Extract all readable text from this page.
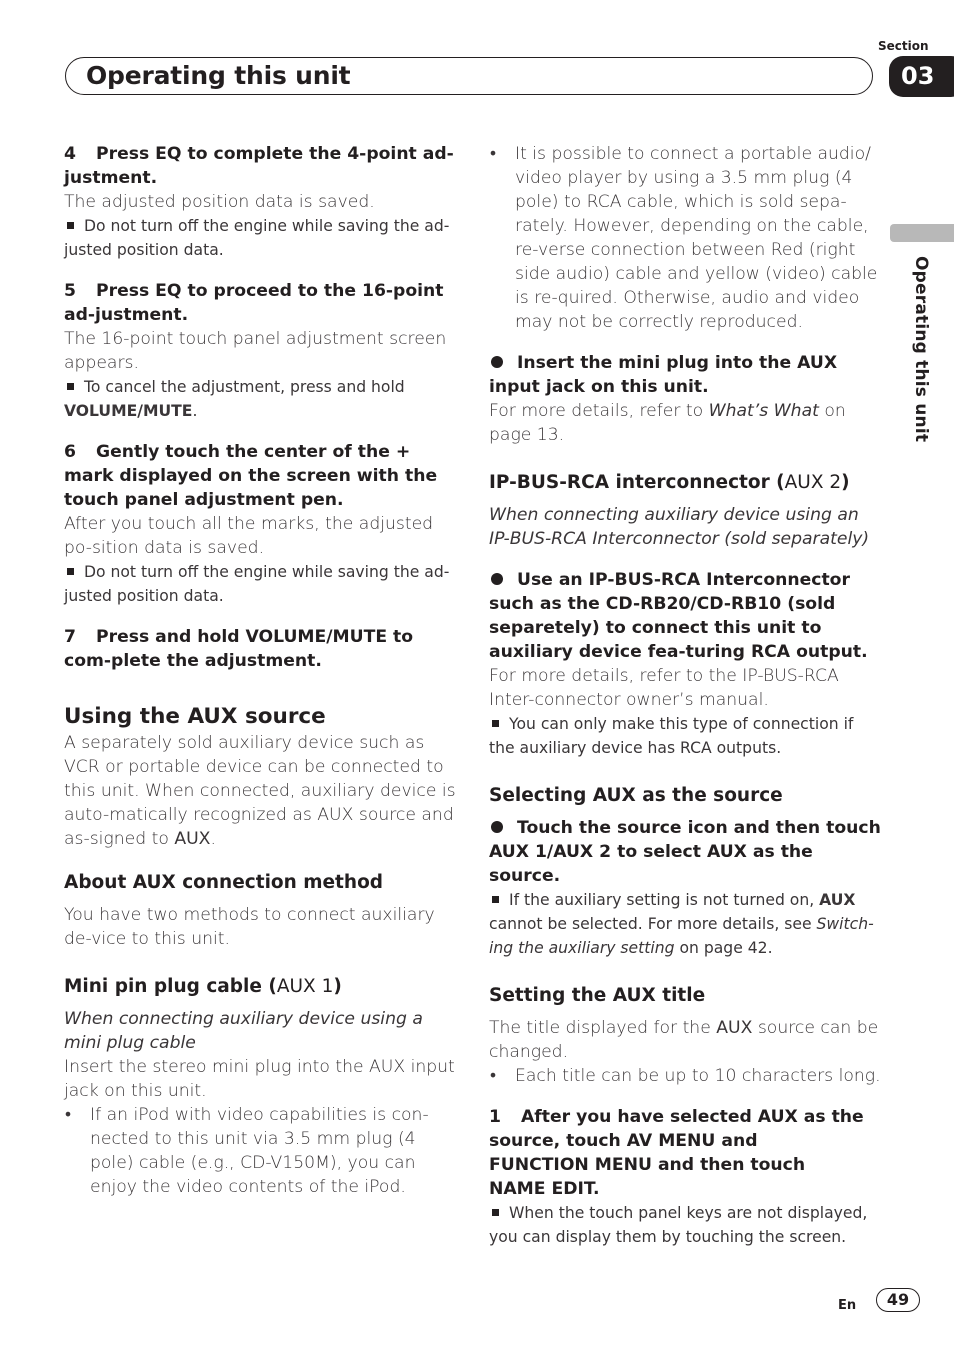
Operating this unit
Section
03
Operating this unit
4 Press EQ to complete the 4-point ad-justment.
The adjusted position data is saved.
Do not turn off the engine while saving the ad-justed position data.
5 Press EQ to proceed to the 16-point ad-justment.
The 16-point touch panel adjustment screen appears.
To cancel the adjustment, press and hold VOLUME/MUTE.
6 Gently touch the center of the + mark displayed on the screen with the touch panel adjustment pen.
After you touch all the marks, the adjusted po-sition data is saved.
Do not turn off the engine while saving the ad-justed position data.
7 Press and hold VOLUME/MUTE to com-plete the adjustment.
Using the AUX source
A separately sold auxiliary device such as VCR or portable device can be connected to this unit. When connected, auxiliary device is auto-matically recognized as AUX source and as-signed to AUX.
About AUX connection method
You have two methods to connect auxiliary de-vice to this unit.
Mini pin plug cable (AUX 1)
When connecting auxiliary device using a mini plug cable
Insert the stereo mini plug into the AUX input jack on this unit.
• If an iPod with video capabilities is con-nected to this unit via 3.5 mm plug (4 pole) cable (e.g., CD-V150M), you can enjoy the video contents of the iPod.
• It is possible to connect a portable audio/ video player by using a 3.5 mm plug (4 pole) to RCA cable, which is sold sepa-rately. However, depending on the cable, re-verse connection between Red (right side audio) cable and yellow (video) cable is re-quired. Otherwise, audio and video may not be correctly reproduced.
Insert the mini plug into the AUX input jack on this unit.
For more details, refer to What’s What on page 13.
IP-BUS-RCA interconnector (AUX 2)
When connecting auxiliary device using an IP-BUS-RCA Interconnector (sold separately)
Use an IP-BUS-RCA Interconnector such as the CD-RB20/CD-RB10 (sold separetely) to connect this unit to auxiliary device fea-turing RCA output.
For more details, refer to the IP-BUS-RCA Inter-connector owner’s manual.
You can only make this type of connection if the auxiliary device has RCA outputs.
Selecting AUX as the source
Touch the source icon and then touch AUX 1/AUX 2 to select AUX as the source.
If the auxiliary setting is not turned on, AUX cannot be selected. For more details, see Switch-ing the auxiliary setting on page 42.
Setting the AUX title
The title displayed for the AUX source can be changed.
• Each title can be up to 10 characters long.
1 After you have selected AUX as the
source, touch AV MENU and
FUNCTION MENU and then touch
NAME EDIT.
When the touch panel keys are not displayed, you can display them by touching the screen.
En	49
